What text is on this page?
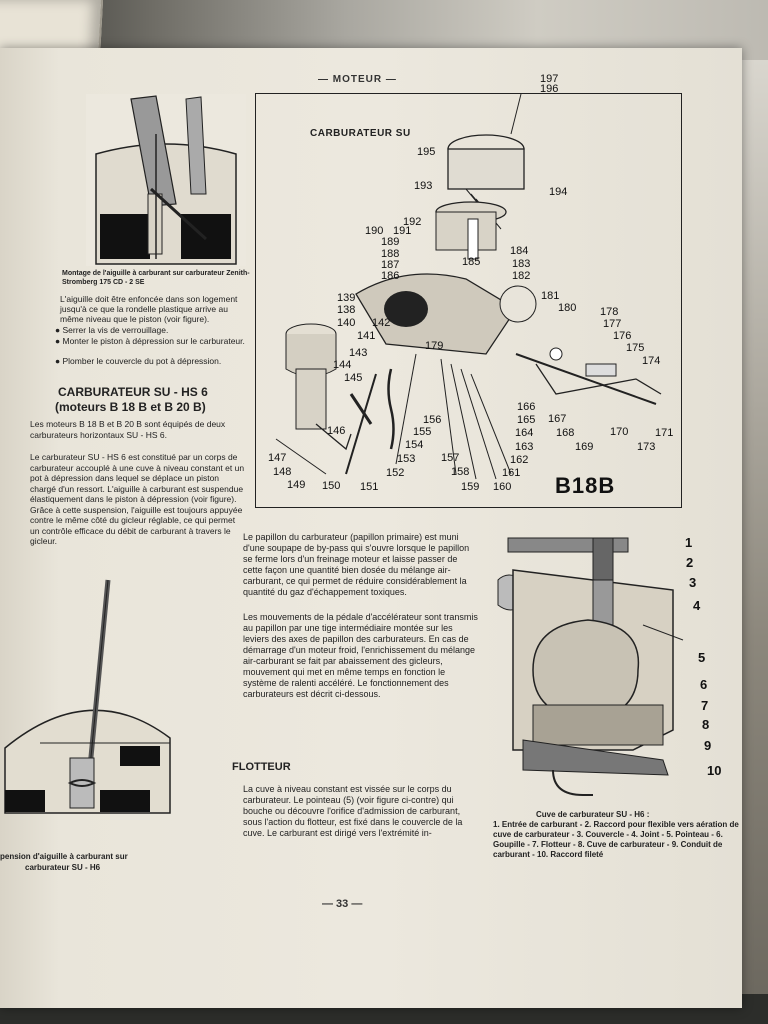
— MOTEUR —
Montage de l'aiguille à carburant sur carburateur Zenith-Stromberg 175 CD - 2 SE
L'aiguille doit être enfoncée dans son logement jusqu'à ce que la rondelle plastique arrive au même niveau que le piston (voir figure).
● Serrer la vis de verrouillage.
● Monter le piston à dépression sur le carburateur.
● Plomber le couvercle du pot à dépression.
CARBURATEUR SU - HS 6
(moteurs B 18 B et B 20 B)
Les moteurs B 18 B et B 20 B sont équipés de deux carburateurs horizontaux SU - HS 6.
Le carburateur SU - HS 6 est constitué par un corps de carburateur accouplé à une cuve à niveau constant et un pot à dépression dans lequel se déplace un piston chargé d'un ressort. L'aiguille à carburant est suspendue élastiquement dans le piston à dépression (voir figure). Grâce à cette suspension, l'aiguille est toujours appuyée contre le même côté du gicleur réglable, ce qui permet un contrôle efficace du débit de carburant à travers le gicleur.
pension d'aiguille à carburant sur
carburateur SU - H6
CARBURATEUR SU
B18B
197
196
195
193	194
192
190 191
189
188
187
186
185
184
183
182
181
180 178
177
176
175
174
139
138
140 142
141
143
144
145
146
147
148
149 150 151
152
153
154
155
156
157
158
159 160
161
162
163
164
165
166
167
168
169
170 171
173
179
Le papillon du carburateur (papillon primaire) est muni d'une soupape de by-pass qui s'ouvre lorsque le papillon se ferme lors d'un freinage moteur et laisse passer de cette façon une quantité bien dosée du mélange air-carburant, ce qui permet de réduire considérablement la quantité du gaz d'échappement toxiques.
Les mouvements de la pédale d'accélérateur sont transmis au papillon par une tige intermédiaire montée sur les leviers des axes de papillon des carburateurs. En cas de démarrage d'un moteur froid, l'enrichissement du mélange air-carburant se fait par abaissement des gicleurs, mouvement qui met en même temps en fonction le système de ralenti accéléré. Le fonctionnement des carburateurs est décrit ci-dessous.
FLOTTEUR
La cuve à niveau constant est vissée sur le corps du carburateur. Le pointeau (5) (voir figure ci-contre) qui bouche ou découvre l'orifice d'admission de carburant, sous l'action du flotteur, est fixé dans le couvercle de la cuve. Le carburant est dirigé vers l'extrémité in-
1
2
3
4
5
6
7
8
9
10
Cuve de carburateur SU - H6 :
1. Entrée de carburant - 2. Raccord pour flexible vers aération de cuve de carburateur - 3. Couvercle - 4. Joint - 5. Pointeau - 6. Goupille - 7. Flotteur - 8. Cuve de carburateur - 9. Conduit de carburant - 10. Raccord fileté
— 33 —
